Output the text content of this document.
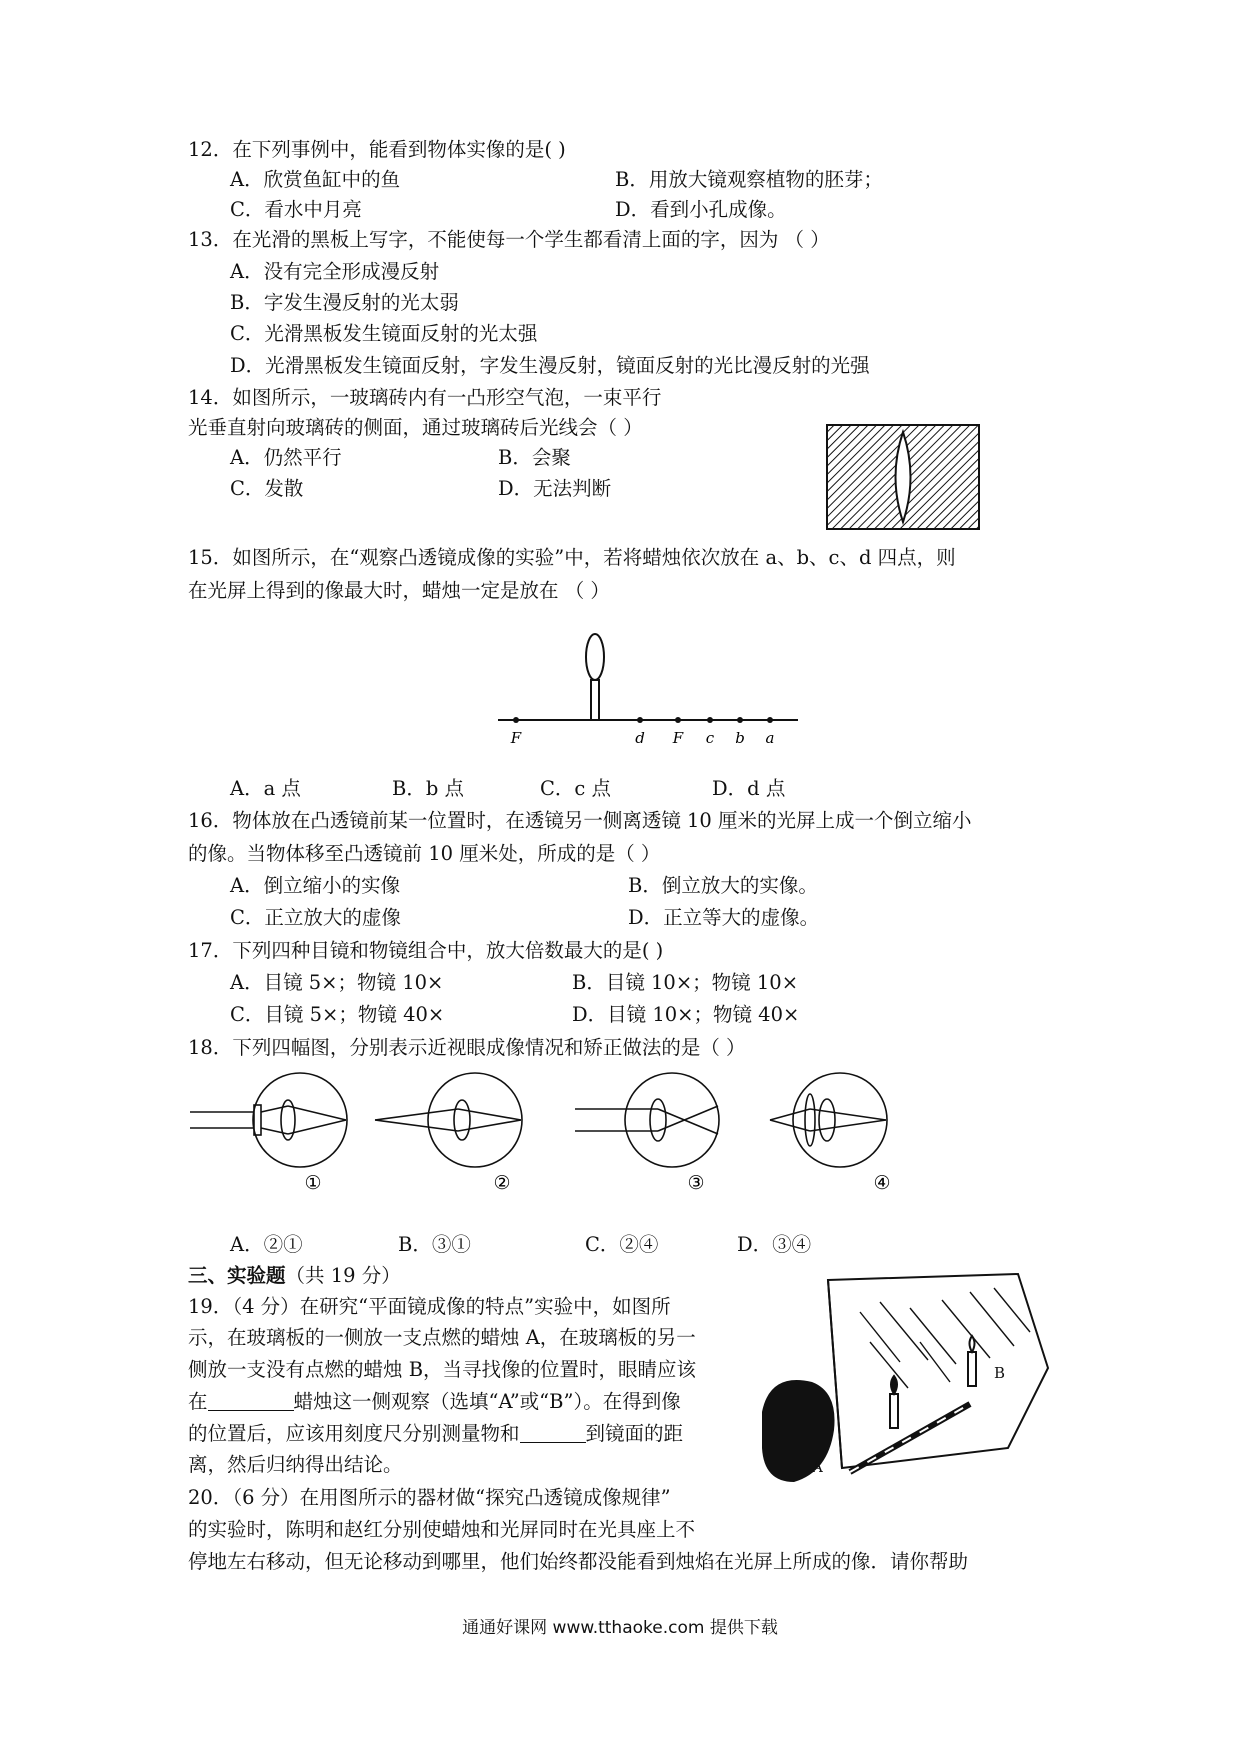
12．在下列事例中，能看到物体实像的是( )
A．欣赏鱼缸中的鱼	B．用放大镜观察植物的胚芽；
C．看水中月亮	D．看到小孔成像。
13．在光滑的黑板上写字，不能使每一个学生都看清上面的字，因为 （ ）
A．没有完全形成漫反射
B．字发生漫反射的光太弱
C．光滑黑板发生镜面反射的光太强
D．光滑黑板发生镜面反射，字发生漫反射，镜面反射的光比漫反射的光强
14．如图所示，一玻璃砖内有一凸形空气泡，一束平行
光垂直射向玻璃砖的侧面，通过玻璃砖后光线会（ ）
A．仍然平行	B．会聚
C．发散	D．无法判断
15．如图所示，在“观察凸透镜成像的实验”中，若将蜡烛依次放在 a、b、c、d 四点，则
在光屏上得到的像最大时，蜡烛一定是放在 （ ）
F	d F c b a
A．a 点	B．b 点	C．c 点	D．d 点
16．物体放在凸透镜前某一位置时，在透镜另一侧离透镜 10 厘米的光屏上成一个倒立缩小
的像。当物体移至凸透镜前 10 厘米处，所成的是（ ）
A．倒立缩小的实像	B．倒立放大的实像。
C．正立放大的虚像	D．正立等大的虚像。
17．下列四种目镜和物镜组合中，放大倍数最大的是( )
A．目镜 5×；物镜 10×	B．目镜 10×；物镜 10×
C．目镜 5×；物镜 40×	D．目镜 10×；物镜 40×
18．下列四幅图，分别表示近视眼成像情况和矫正做法的是（ ）
①	②	③	④
A．②①	B．③①	C．②④	D．③④
三、实验题（共 19 分）
19．（4 分）在研究“平面镜成像的特点”实验中，如图所
示，在玻璃板的一侧放一支点燃的蜡烛 A，在玻璃板的另一
侧放一支没有点燃的蜡烛 B，当寻找像的位置时，眼睛应该
在	蜡烛这一侧观察（选填“A”或“B”）。在得到像
的位置后，应该用刻度尺分别测量物和	到镜面的距
离，然后归纳得出结论。	A
B
20．（6 分）在用图所示的器材做“探究凸透镜成像规律”
的实验时，陈明和赵红分别使蜡烛和光屏同时在光具座上不
停地左右移动，但无论移动到哪里，他们始终都没能看到烛焰在光屏上所成的像．请你帮助
通通好课网 www.tthaoke.com 提供下载
